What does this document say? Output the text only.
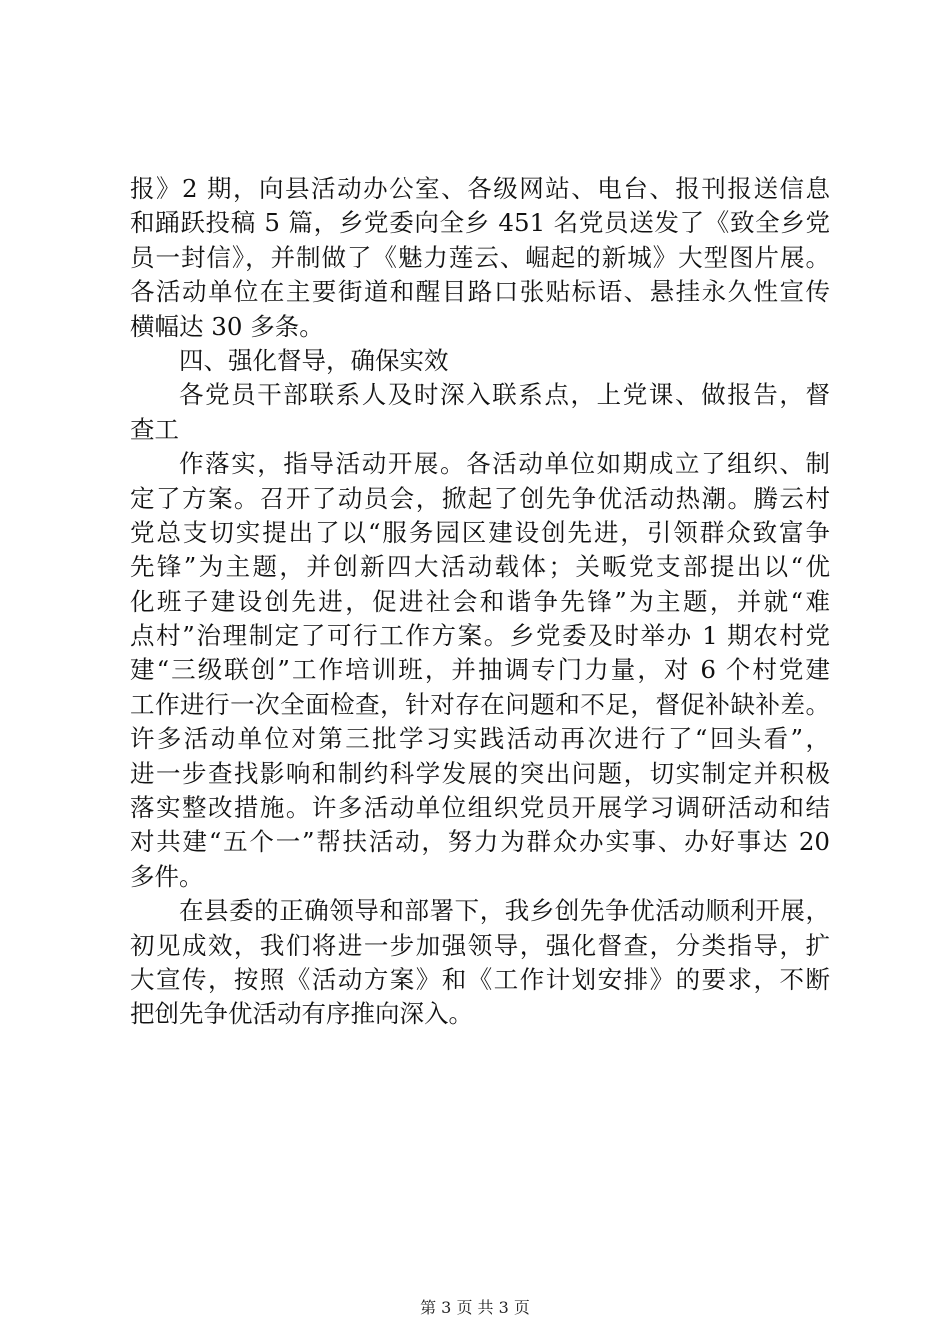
报》2 期，向县活动办公室、各级网站、电台、报刊报送信息
和踊跃投稿 5 篇，乡党委向全乡 451 名党员送发了《致全乡党
员一封信》，并制做了《魅力莲云、崛起的新城》大型图片展。
各活动单位在主要街道和醒目路口张贴标语、悬挂永久性宣传
横幅达 30 多条。
四、强化督导，确保实效
各党员干部联系人及时深入联系点，上党课、做报告，督
查工
作落实，指导活动开展。各活动单位如期成立了组织、制
定了方案。召开了动员会，掀起了创先争优活动热潮。腾云村
党总支切实提出了以“服务园区建设创先进，引领群众致富争
先锋”为主题，并创新四大活动载体；关畈党支部提出以“优
化班子建设创先进，促进社会和谐争先锋”为主题，并就“难
点村”治理制定了可行工作方案。乡党委及时举办 1 期农村党
建“三级联创”工作培训班，并抽调专门力量，对 6 个村党建
工作进行一次全面检查，针对存在问题和不足，督促补缺补差。
许多活动单位对第三批学习实践活动再次进行了“回头看”，
进一步查找影响和制约科学发展的突出问题，切实制定并积极
落实整改措施。许多活动单位组织党员开展学习调研活动和结
对共建“五个一”帮扶活动，努力为群众办实事、办好事达 20
多件。
在县委的正确领导和部署下，我乡创先争优活动顺利开展，
初见成效，我们将进一步加强领导，强化督查，分类指导，扩
大宣传，按照《活动方案》和《工作计划安排》的要求，不断
把创先争优活动有序推向深入。
第 3 页 共 3 页
